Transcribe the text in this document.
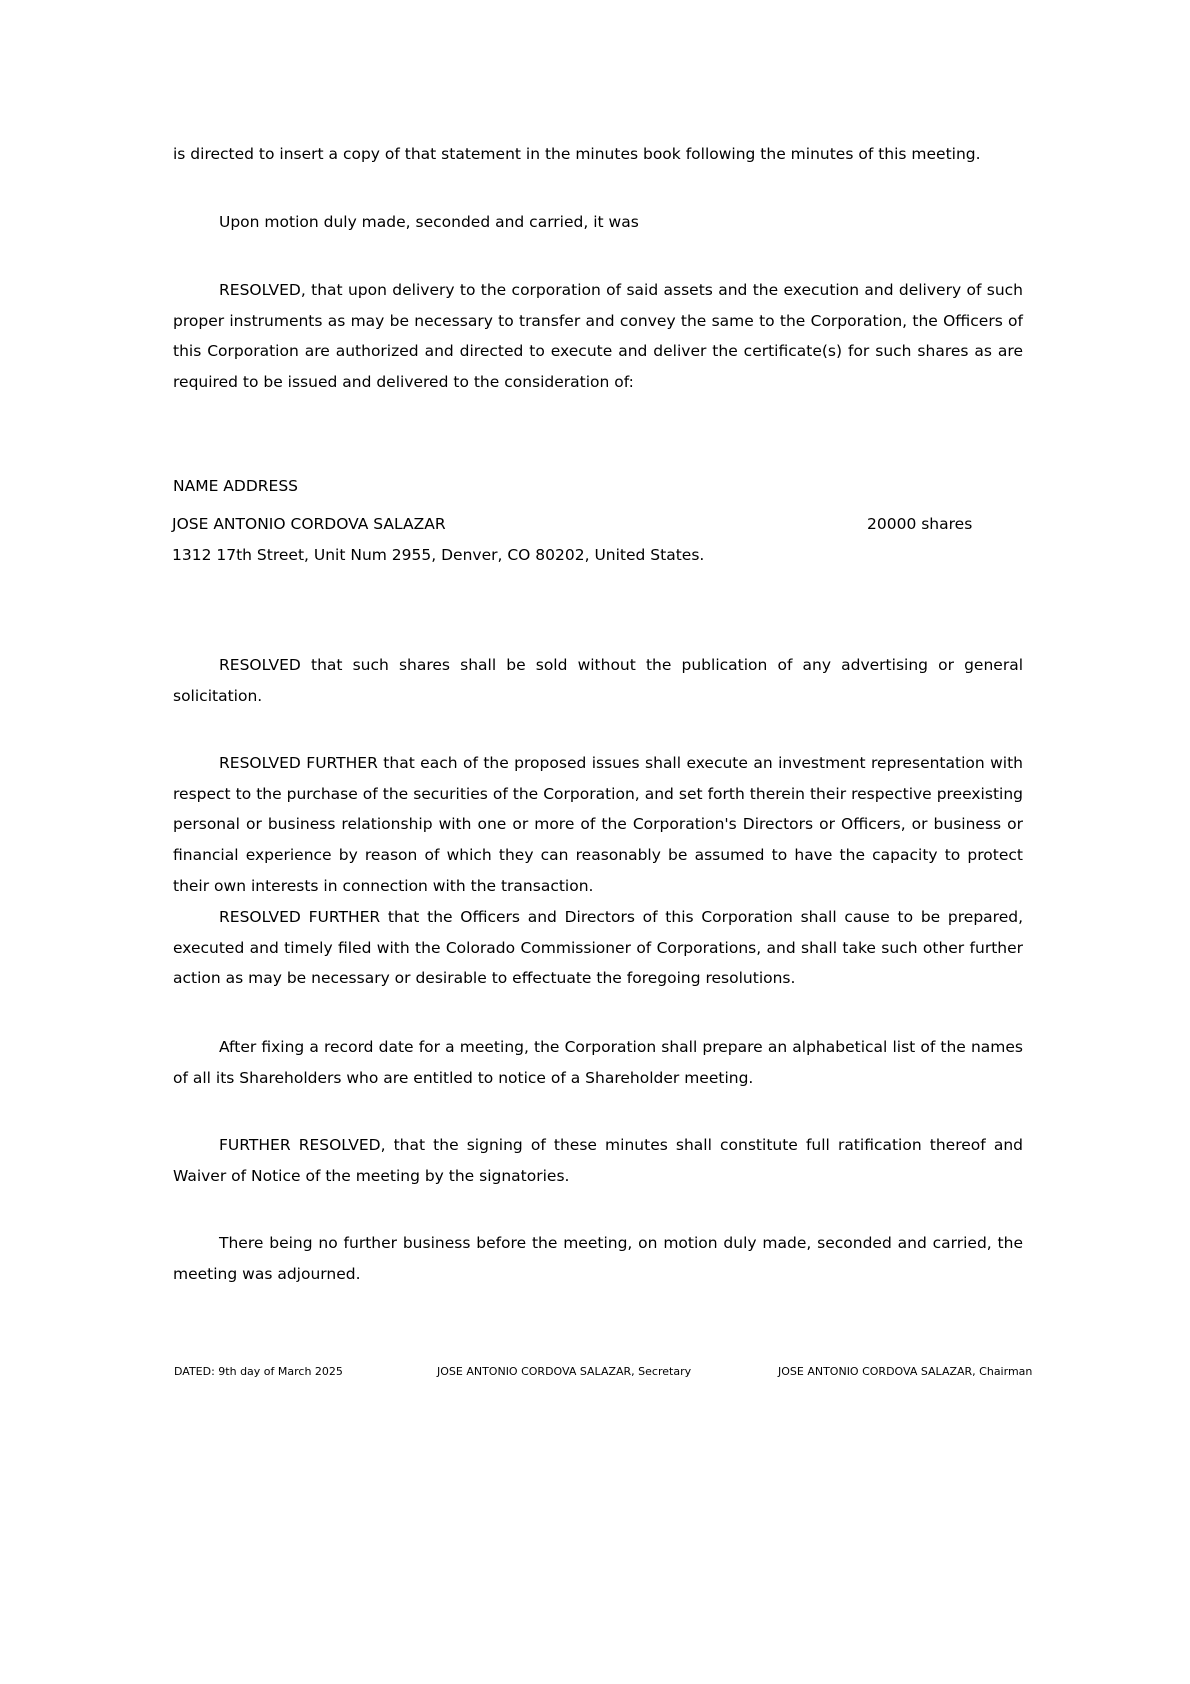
is directed to insert a copy of that statement in the minutes book following the minutes of this meeting.
Upon motion duly made, seconded and carried, it was
RESOLVED, that upon delivery to the corporation of said assets and the execution and delivery of such proper instruments as may be necessary to transfer and convey the same to the Corporation, the Officers of this Corporation are authorized and directed to execute and deliver the certificate(s) for such shares as are required to be issued and delivered to the consideration of:
NAME ADDRESS
JOSE ANTONIO CORDOVA SALAZAR	20000 shares
1312 17th Street, Unit Num 2955, Denver, CO 80202, United States.
RESOLVED that such shares shall be sold without the publication of any advertising or general solicitation.
RESOLVED FURTHER that each of the proposed issues shall execute an investment representation with respect to the purchase of the securities of the Corporation, and set forth therein their respective preexisting personal or business relationship with one or more of the Corporation's Directors or Officers, or business or financial experience by reason of which they can reasonably be assumed to have the capacity to protect their own interests in connection with the transaction.
RESOLVED FURTHER that the Officers and Directors of this Corporation shall cause to be prepared, executed and timely filed with the Colorado Commissioner of Corporations, and shall take such other further action as may be necessary or desirable to effectuate the foregoing resolutions.
After fixing a record date for a meeting, the Corporation shall prepare an alphabetical list of the names of all its Shareholders who are entitled to notice of a Shareholder meeting.
FURTHER RESOLVED, that the signing of these minutes shall constitute full ratification thereof and Waiver of Notice of the meeting by the signatories.
There being no further business before the meeting, on motion duly made, seconded and carried, the meeting was adjourned.
DATED: 9th day of March 2025	JOSE ANTONIO CORDOVA SALAZAR, Secretary	JOSE ANTONIO CORDOVA SALAZAR, Chairman
